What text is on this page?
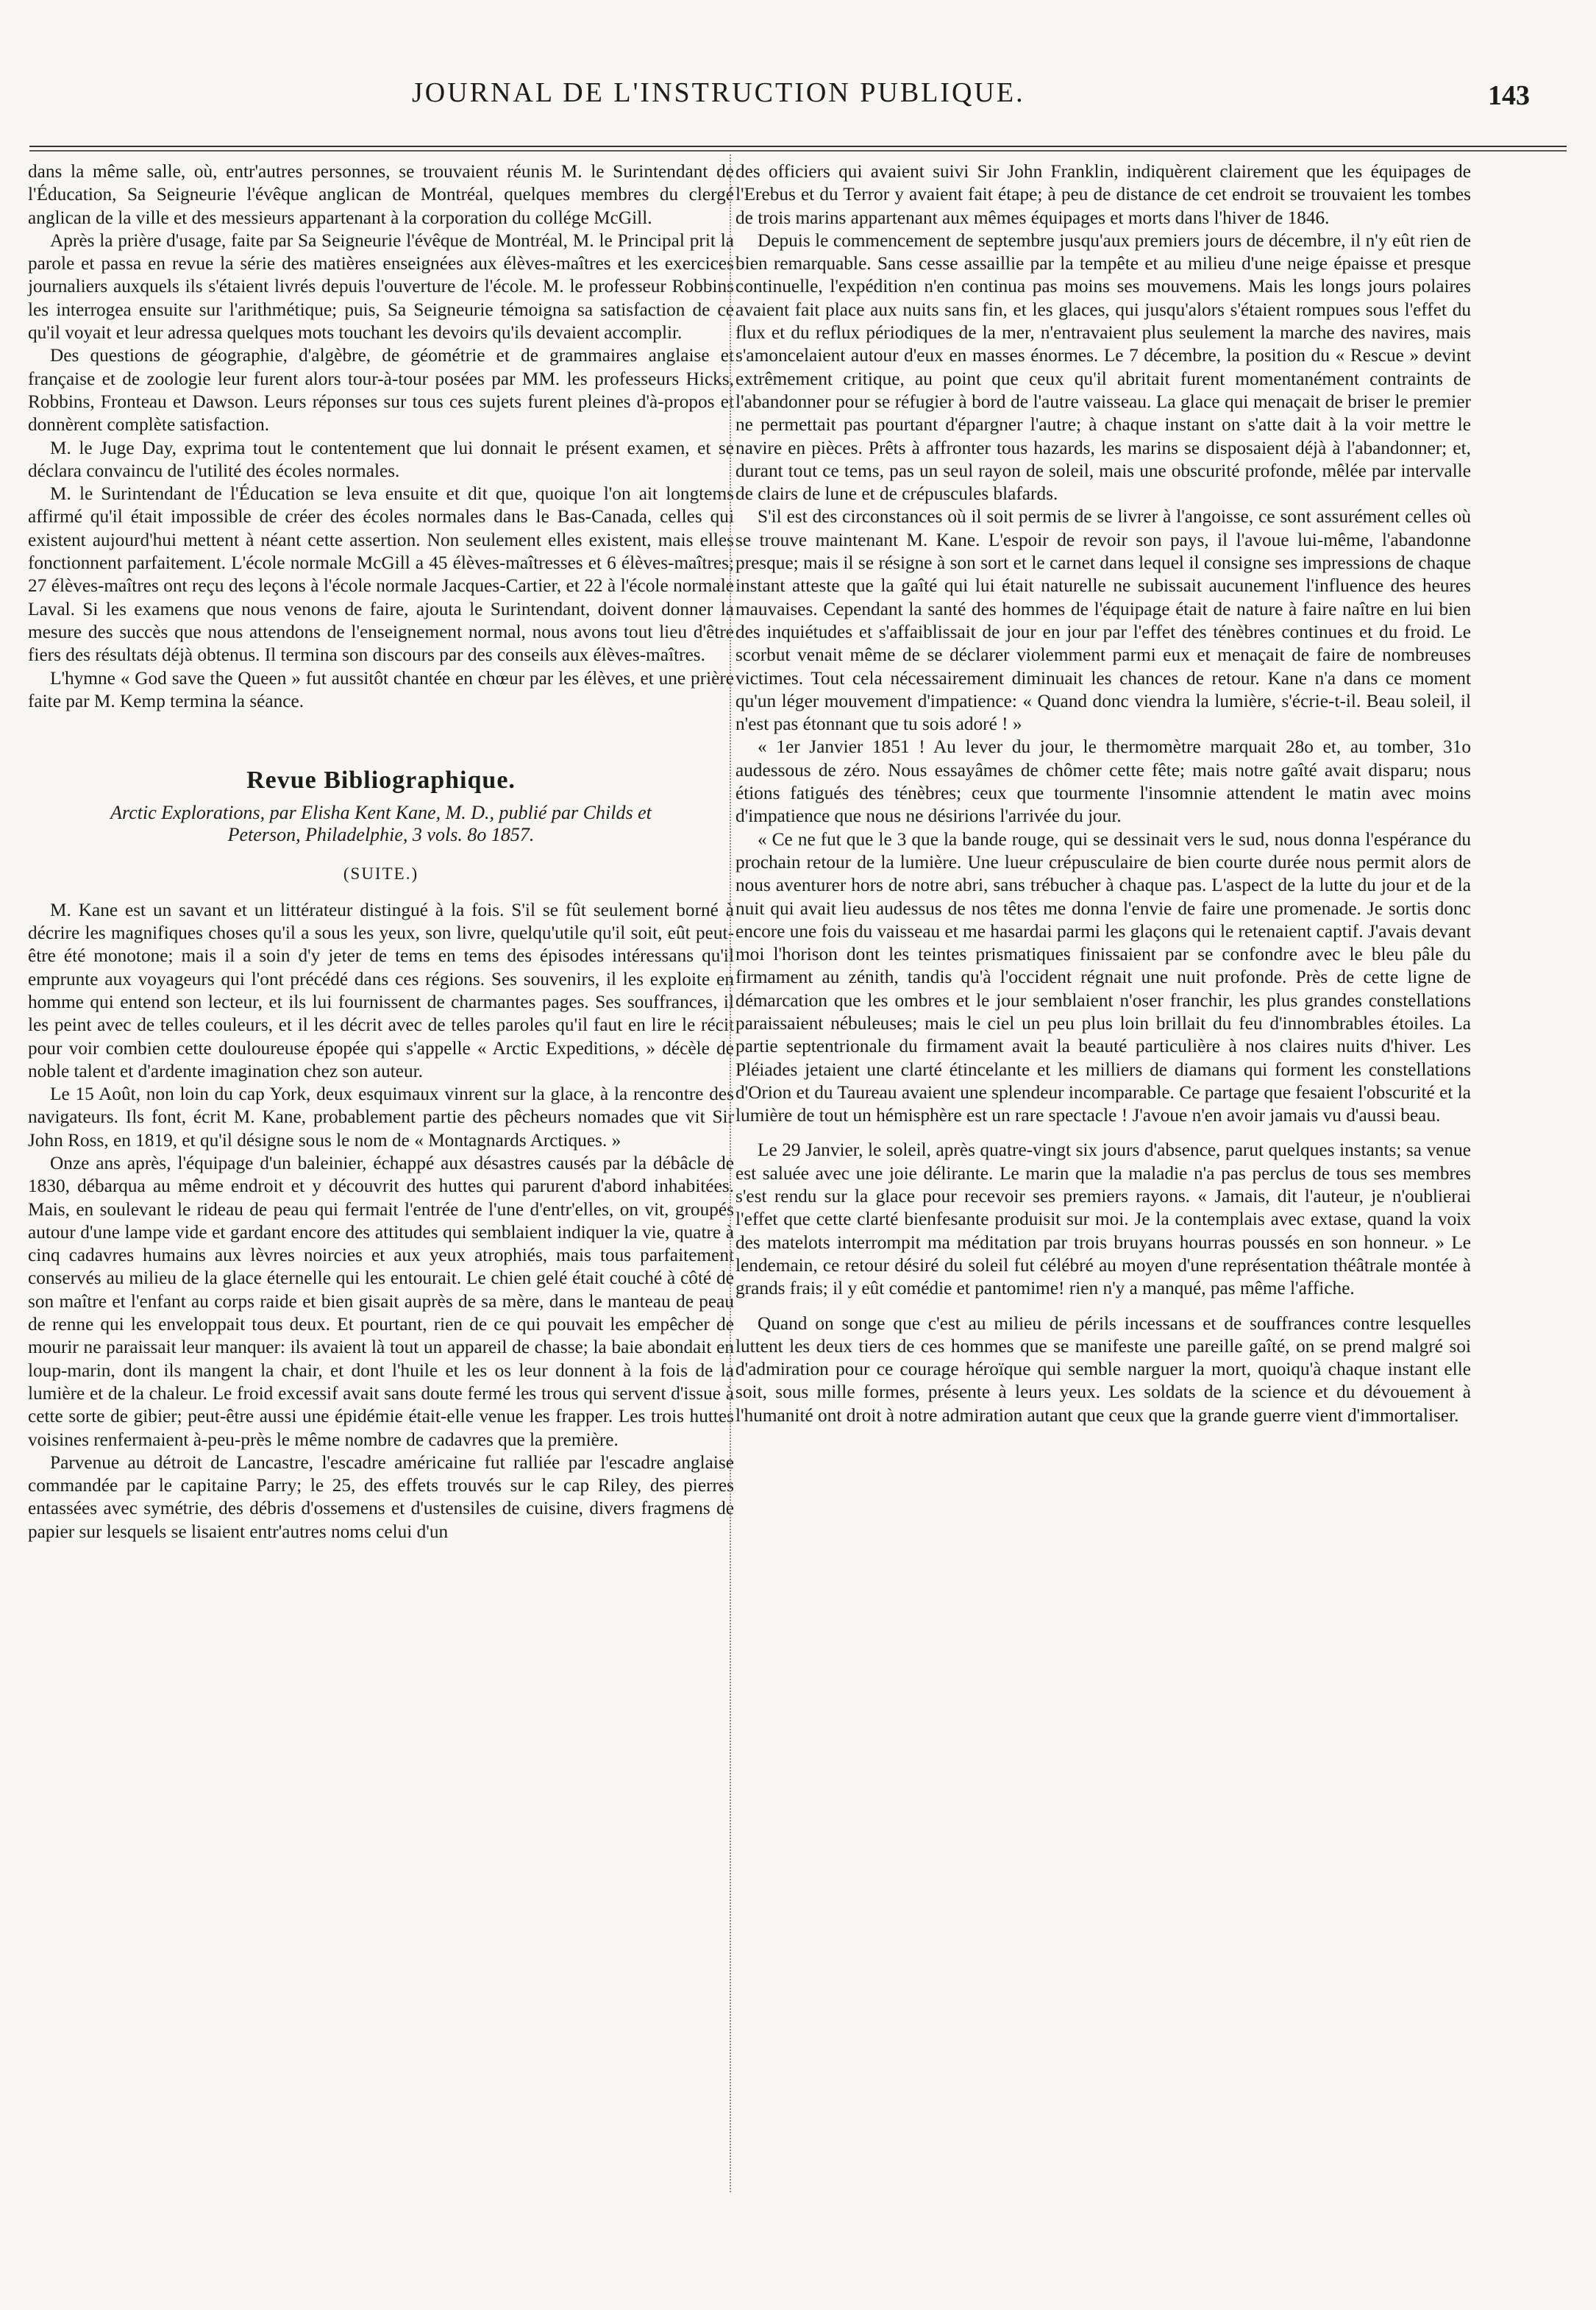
JOURNAL DE L'INSTRUCTION PUBLIQUE.	143

dans la même salle, où, entr'autres personnes, se trouvaient réunis M. le Surintendant de l'Éducation, Sa Seigneurie l'évêque anglican de Montréal, quelques membres du clergé anglican de la ville et des messieurs appartenant à la corporation du collége McGill.

Après la prière d'usage, faite par Sa Seigneurie l'évêque de Montréal, M. le Principal prit la parole et passa en revue la série des matières enseignées aux élèves-maîtres et les exercices journaliers auxquels ils s'étaient livrés depuis l'ouverture de l'école. M. le professeur Robbins les interrogea ensuite sur l'arithmétique; puis, Sa Seigneurie témoigna sa satisfaction de ce qu'il voyait et leur adressa quelques mots touchant les devoirs qu'ils devaient accomplir.

Des questions de géographie, d'algèbre, de géométrie et de grammaires anglaise et française et de zoologie leur furent alors tour-à-tour posées par MM. les professeurs Hicks, Robbins, Fronteau et Dawson. Leurs réponses sur tous ces sujets furent pleines d'à-propos et donnèrent complète satisfaction.

M. le Juge Day, exprima tout le contentement que lui donnait le présent examen, et se déclara convaincu de l'utilité des écoles normales.

M. le Surintendant de l'Éducation se leva ensuite et dit que, quoique l'on ait longtems affirmé qu'il était impossible de créer des écoles normales dans le Bas-Canada, celles qui existent aujourd'hui mettent à néant cette assertion. Non seulement elles existent, mais elles fonctionnent parfaitement. L'école normale McGill a 45 élèves-maîtresses et 6 élèves-maîtres; 27 élèves-maîtres ont reçu des leçons à l'école normale Jacques-Cartier, et 22 à l'école normale Laval. Si les examens que nous venons de faire, ajouta le Surintendant, doivent donner la mesure des succès que nous attendons de l'enseignement normal, nous avons tout lieu d'être fiers des résultats déjà obtenus. Il termina son discours par des conseils aux élèves-maîtres.

L'hymne « God save the Queen » fut aussitôt chantée en chœur par les élèves, et une prière faite par M. Kemp termina la séance.

Revue Bibliographique.
Arctic Explorations, par Elisha Kent Kane, M. D., publié par Childs et Peterson, Philadelphie, 3 vols. 8o 1857.
(SUITE.)

M. Kane est un savant et un littérateur distingué à la fois. S'il se fût seulement borné à décrire les magnifiques choses qu'il a sous les yeux, son livre, quelqu'utile qu'il soit, eût peut-être été monotone; mais il a soin d'y jeter de tems en tems des épisodes intéressans qu'il emprunte aux voyageurs qui l'ont précédé dans ces régions. Ses souvenirs, il les exploite en homme qui entend son lecteur, et ils lui fournissent de charmantes pages. Ses souffrances, il les peint avec de telles couleurs, et il les décrit avec de telles paroles qu'il faut en lire le récit pour voir combien cette douloureuse épopée qui s'appelle « Arctic Expeditions, » décèle de noble talent et d'ardente imagination chez son auteur.

Le 15 Août, non loin du cap York, deux esquimaux vinrent sur la glace, à la rencontre des navigateurs. Ils font, écrit M. Kane, probablement partie des pêcheurs nomades que vit Sir John Ross, en 1819, et qu'il désigne sous le nom de « Montagnards Arctiques. »

Onze ans après, l'équipage d'un baleinier, échappé aux désastres causés par la débâcle de 1830, débarqua au même endroit et y découvrit des huttes qui parurent d'abord inhabitées. Mais, en soulevant le rideau de peau qui fermait l'entrée de l'une d'entr'elles, on vit, groupés autour d'une lampe vide et gardant encore des attitudes qui semblaient indiquer la vie, quatre à cinq cadavres humains aux lèvres noircies et aux yeux atrophiés, mais tous parfaitement conservés au milieu de la glace éternelle qui les entourait. Le chien gelé était couché à côté de son maître et l'enfant au corps raide et bien gisait auprès de sa mère, dans le manteau de peau de renne qui les enveloppait tous deux. Et pourtant, rien de ce qui pouvait les empêcher de mourir ne paraissait leur manquer: ils avaient là tout un appareil de chasse; la baie abondait en loup-marin, dont ils mangent la chair, et dont l'huile et les os leur donnent à la fois de la lumière et de la chaleur. Le froid excessif avait sans doute fermé les trous qui servent d'issue à cette sorte de gibier; peut-être aussi une épidémie était-elle venue les frapper. Les trois huttes voisines renfermaient à-peu-près le même nombre de cadavres que la première.

Parvenue au détroit de Lancastre, l'escadre américaine fut ralliée par l'escadre anglaise commandée par le capitaine Parry; le 25, des effets trouvés sur le cap Riley, des pierres entassées avec symétrie, des débris d'ossemens et d'ustensiles de cuisine, divers fragmens de papier sur lesquels se lisaient entr'autres noms celui d'un

des officiers qui avaient suivi Sir John Franklin, indiquèrent clairement que les équipages de l'Erebus et du Terror y avaient fait étape; à peu de distance de cet endroit se trouvaient les tombes de trois marins appartenant aux mêmes équipages et morts dans l'hiver de 1846.

Depuis le commencement de septembre jusqu'aux premiers jours de décembre, il n'y eût rien de bien remarquable. Sans cesse assaillie par la tempête et au milieu d'une neige épaisse et presque continuelle, l'expédition n'en continua pas moins ses mouvemens. Mais les longs jours polaires avaient fait place aux nuits sans fin, et les glaces, qui jusqu'alors s'étaient rompues sous l'effet du flux et du reflux périodiques de la mer, n'entravaient plus seulement la marche des navires, mais s'amoncelaient autour d'eux en masses énormes. Le 7 décembre, la position du « Rescue » devint extrêmement critique, au point que ceux qu'il abritait furent momentanément contraints de l'abandonner pour se réfugier à bord de l'autre vaisseau. La glace qui menaçait de briser le premier ne permettait pas pourtant d'épargner l'autre; à chaque instant on s'atte dait à la voir mettre le navire en pièces. Prêts à affronter tous hazards, les marins se disposaient déjà à l'abandonner; et, durant tout ce tems, pas un seul rayon de soleil, mais une obscurité profonde, mêlée par intervalle de clairs de lune et de crépuscules blafards.

S'il est des circonstances où il soit permis de se livrer à l'angoisse, ce sont assurément celles où se trouve maintenant M. Kane. L'espoir de revoir son pays, il l'avoue lui-même, l'abandonne presque; mais il se résigne à son sort et le carnet dans lequel il consigne ses impressions de chaque instant atteste que la gaîté qui lui était naturelle ne subissait aucunement l'influence des heures mauvaises. Cependant la santé des hommes de l'équipage était de nature à faire naître en lui bien des inquiétudes et s'affaiblissait de jour en jour par l'effet des ténèbres continues et du froid. Le scorbut venait même de se déclarer violemment parmi eux et menaçait de faire de nombreuses victimes. Tout cela nécessairement diminuait les chances de retour. Kane n'a dans ce moment qu'un léger mouvement d'impatience: « Quand donc viendra la lumière, s'écrie-t-il. Beau soleil, il n'est pas étonnant que tu sois adoré ! »

« 1er Janvier 1851 ! Au lever du jour, le thermomètre marquait 28o et, au tomber, 31o audessous de zéro. Nous essayâmes de chômer cette fête; mais notre gaîté avait disparu; nous étions fatigués des ténèbres; ceux que tourmente l'insomnie attendent le matin avec moins d'impatience que nous ne désirions l'arrivée du jour.

« Ce ne fut que le 3 que la bande rouge, qui se dessinait vers le sud, nous donna l'espérance du prochain retour de la lumière. Une lueur crépusculaire de bien courte durée nous permit alors de nous aventurer hors de notre abri, sans trébucher à chaque pas. L'aspect de la lutte du jour et de la nuit qui avait lieu audessus de nos têtes me donna l'envie de faire une promenade. Je sortis donc encore une fois du vaisseau et me hasardai parmi les glaçons qui le retenaient captif. J'avais devant moi l'horison dont les teintes prismatiques finissaient par se confondre avec le bleu pâle du firmament au zénith, tandis qu'à l'occident régnait une nuit profonde. Près de cette ligne de démarcation que les ombres et le jour semblaient n'oser franchir, les plus grandes constellations paraissaient nébuleuses; mais le ciel un peu plus loin brillait du feu d'innombrables étoiles. La partie septentrionale du firmament avait la beauté particulière à nos claires nuits d'hiver. Les Pléiades jetaient une clarté étincelante et les milliers de diamans qui forment les constellations d'Orion et du Taureau avaient une splendeur incomparable. Ce partage que fesaient l'obscurité et la lumière de tout un hémisphère est un rare spectacle ! J'avoue n'en avoir jamais vu d'aussi beau.

Le 29 Janvier, le soleil, après quatre-vingt six jours d'absence, parut quelques instants; sa venue est saluée avec une joie délirante. Le marin que la maladie n'a pas perclus de tous ses membres s'est rendu sur la glace pour recevoir ses premiers rayons. « Jamais, dit l'auteur, je n'oublierai l'effet que cette clarté bienfesante produisit sur moi. Je la contemplais avec extase, quand la voix des matelots interrompit ma méditation par trois bruyans hourras poussés en son honneur. » Le lendemain, ce retour désiré du soleil fut célébré au moyen d'une représentation théâtrale montée à grands frais; il y eût comédie et pantomime! rien n'y a manqué, pas même l'affiche.

Quand on songe que c'est au milieu de périls incessans et de souffrances contre lesquelles luttent les deux tiers de ces hommes que se manifeste une pareille gaîté, on se prend malgré soi d'admiration pour ce courage héroïque qui semble narguer la mort, quoiqu'à chaque instant elle soit, sous mille formes, présente à leurs yeux. Les soldats de la science et du dévouement à l'humanité ont droit à notre admiration autant que ceux que la grande guerre vient d'immortaliser.
